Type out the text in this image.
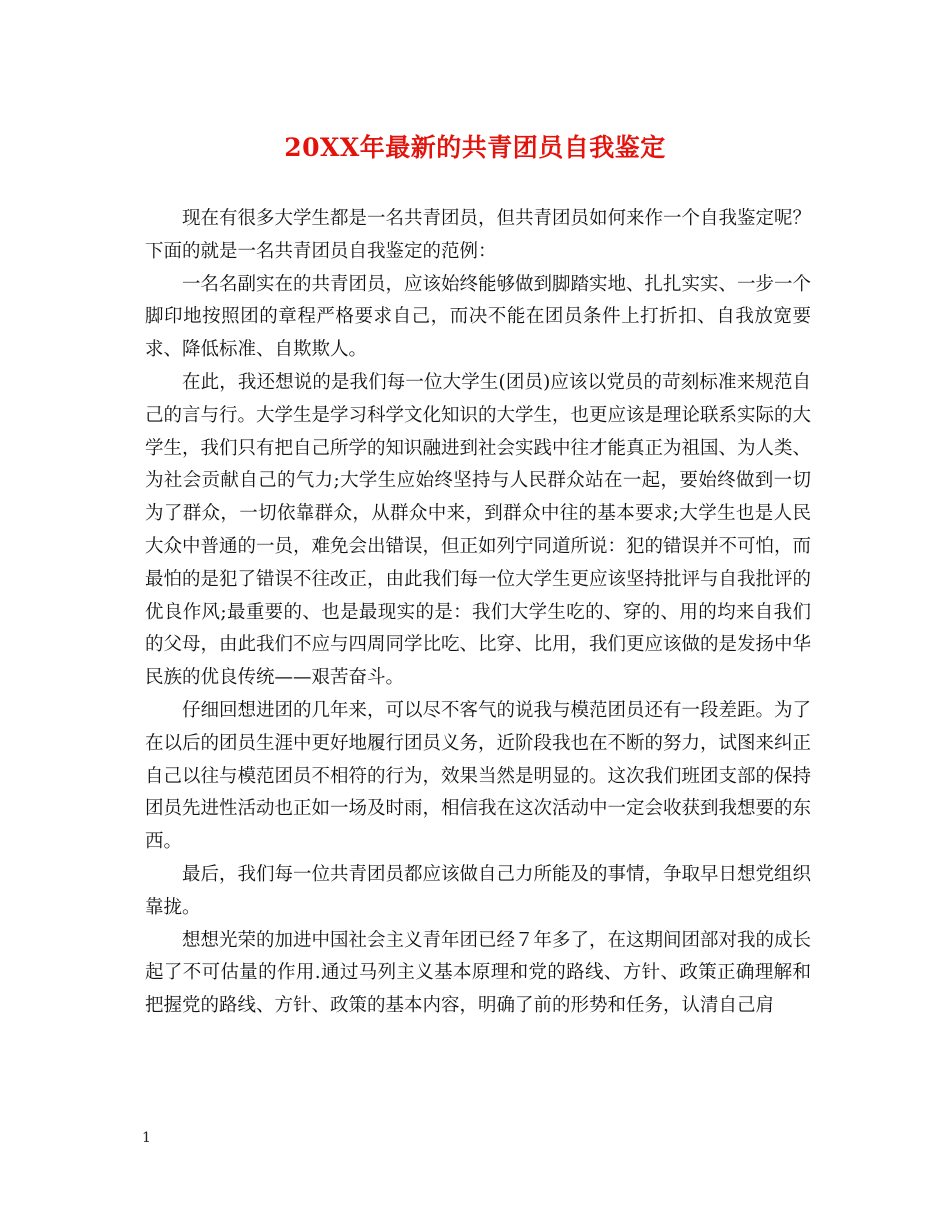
20XX年最新的共青团员自我鉴定

现在有很多大学生都是一名共青团员，但共青团员如何来作一个自我鉴定呢？下面的就是一名共青团员自我鉴定的范例：

一名名副实在的共青团员，应该始终能够做到脚踏实地、扎扎实实、一步一个脚印地按照团的章程严格要求自己，而决不能在团员条件上打折扣、自我放宽要求、降低标准、自欺欺人。

在此，我还想说的是我们每一位大学生(团员)应该以党员的苛刻标准来规范自己的言与行。大学生是学习科学文化知识的大学生，也更应该是理论联系实际的大学生，我们只有把自己所学的知识融进到社会实践中往才能真正为祖国、为人类、为社会贡献自己的气力;大学生应始终坚持与人民群众站在一起，要始终做到一切为了群众，一切依靠群众，从群众中来，到群众中往的基本要求;大学生也是人民大众中普通的一员，难免会出错误，但正如列宁同道所说：犯的错误并不可怕，而最怕的是犯了错误不往改正，由此我们每一位大学生更应该坚持批评与自我批评的优良作风;最重要的、也是最现实的是：我们大学生吃的、穿的、用的均来自我们的父母，由此我们不应与四周同学比吃、比穿、比用，我们更应该做的是发扬中华民族的优良传统——艰苦奋斗。

仔细回想进团的几年来，可以尽不客气的说我与模范团员还有一段差距。为了在以后的团员生涯中更好地履行团员义务，近阶段我也在不断的努力，试图来纠正自己以往与模范团员不相符的行为，效果当然是明显的。这次我们班团支部的保持团员先进性活动也正如一场及时雨，相信我在这次活动中一定会收获到我想要的东西。

最后，我们每一位共青团员都应该做自己力所能及的事情，争取早日想党组织靠拢。

想想光荣的加进中国社会主义青年团已经７年多了，在这期间团部对我的成长起了不可估量的作用.通过马列主义基本原理和党的路线、方针、政策正确理解和把握党的路线、方针、政策的基本内容，明确了前的形势和任务，认清自己肩

1
